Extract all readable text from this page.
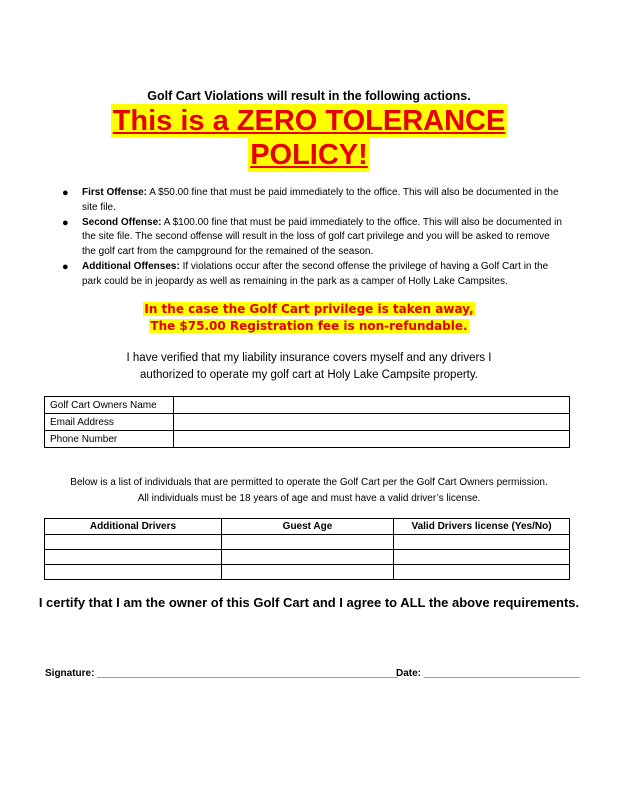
Golf Cart Violations will result in the following actions.
This is a ZERO TOLERANCE
POLICY!
● First Offense: A $50.00 fine that must be paid immediately to the office. This will also be documented in the site file.
● Second Offense: A $100.00 fine that must be paid immediately to the office. This will also be documented in the site file. The second offense will result in the loss of golf cart privilege and you will be asked to remove the golf cart from the campground for the remained of the season.
● Additional Offenses: If violations occur after the second offense the privilege of having a Golf Cart in the park could be in jeopardy as well as remaining in the park as a camper of Holly Lake Campsites.
In the case the Golf Cart privilege is taken away,
The $75.00 Registration fee is non-refundable.
I have verified that my liability insurance covers myself and any drivers I
authorized to operate my golf cart at Holy Lake Campsite property.
Golf Cart Owners Name	
Email Address	
Phone Number	
Below is a list of individuals that are permitted to operate the Golf Cart per the Golf Cart Owners permission.
All individuals must be 18 years of age and must have a valid driver’s license.
Additional Drivers	Guest Age	Valid Drivers license (Yes/No)

I certify that I am the owner of this Golf Cart and I agree to ALL the above requirements.
Signature: ______________________________________________________
Date: ____________________________
